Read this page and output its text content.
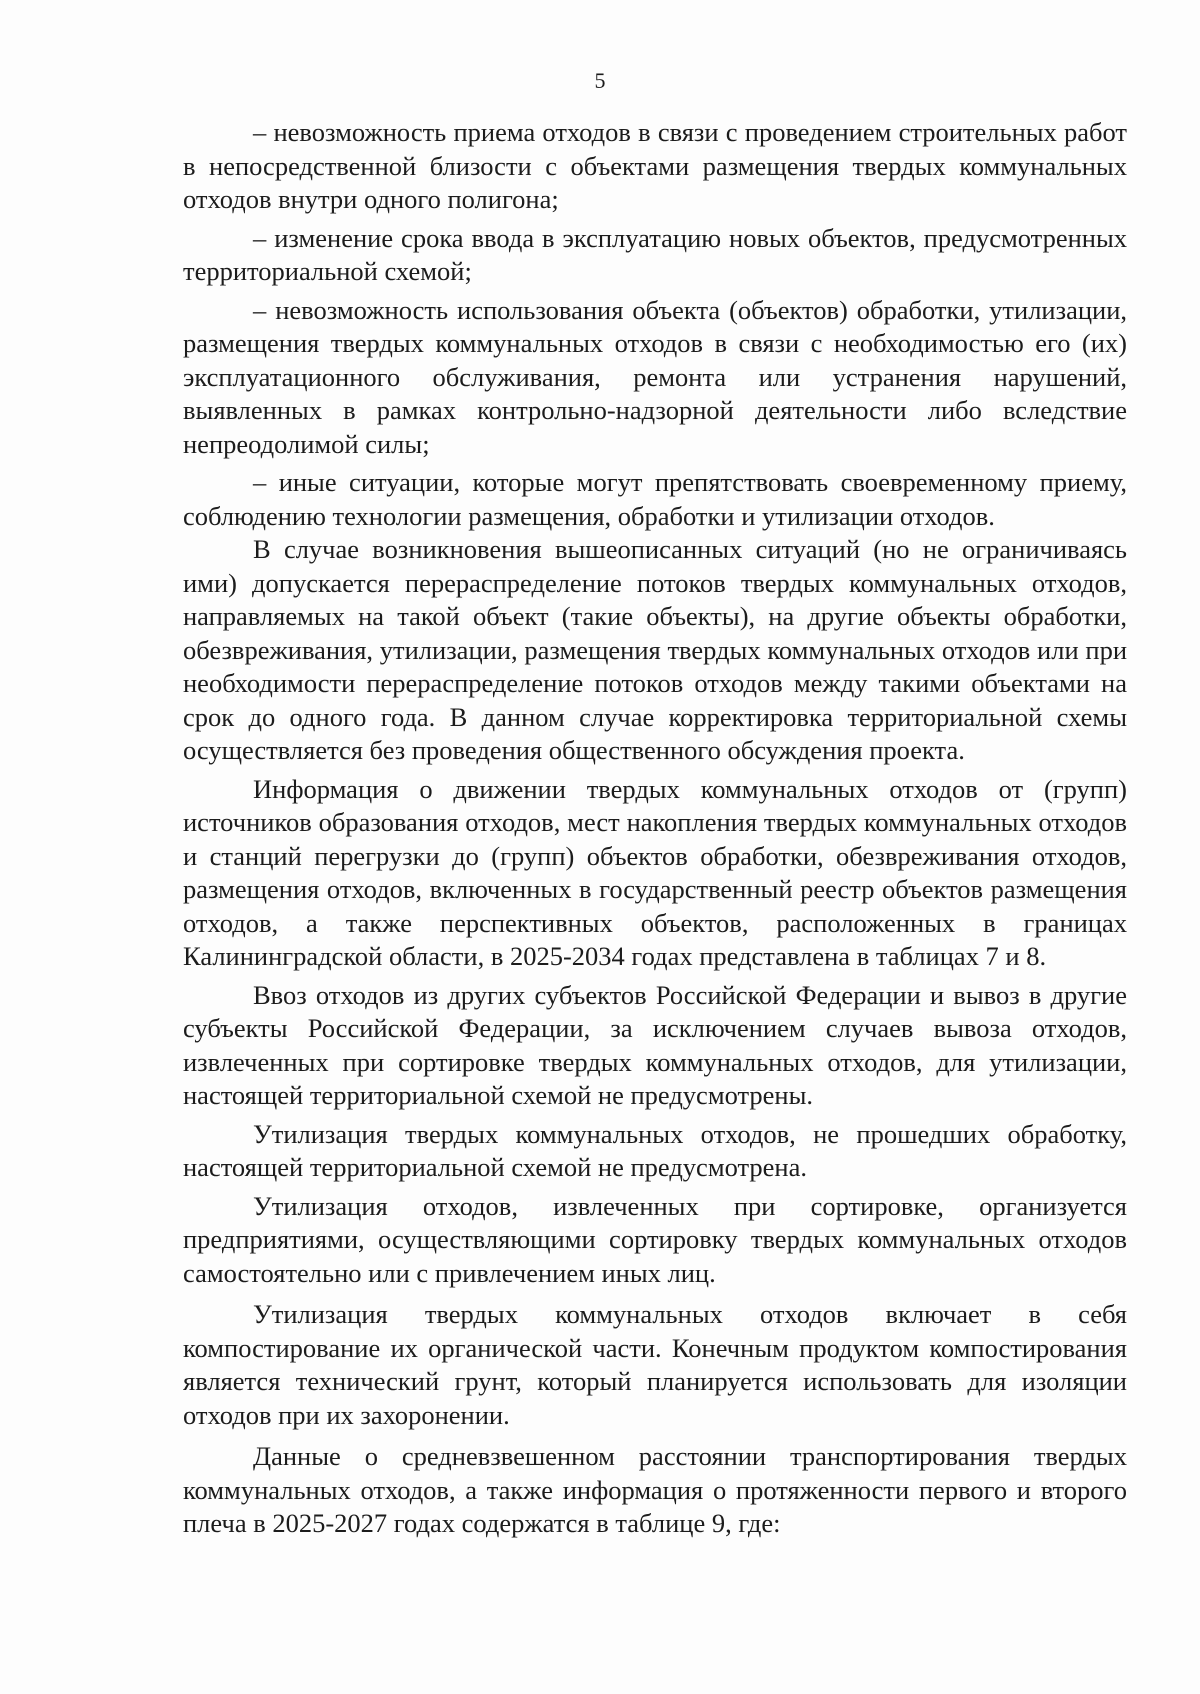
5

– невозможность приема отходов в связи с проведением строительных работ в непосредственной близости с объектами размещения твердых коммунальных отходов внутри одного полигона;

– изменение срока ввода в эксплуатацию новых объектов, предусмотренных территориальной схемой;

– невозможность использования объекта (объектов) обработки, утилизации, размещения твердых коммунальных отходов в связи с необходимостью его (их) эксплуатационного обслуживания, ремонта или устранения нарушений, выявленных в рамках контрольно-надзорной деятельности либо вследствие непреодолимой силы;

– иные ситуации, которые могут препятствовать своевременному приему, соблюдению технологии размещения, обработки и утилизации отходов.

В случае возникновения вышеописанных ситуаций (но не ограничиваясь ими) допускается перераспределение потоков твердых коммунальных отходов, направляемых на такой объект (такие объекты), на другие объекты обработки, обезвреживания, утилизации, размещения твердых коммунальных отходов или при необходимости перераспределение потоков отходов между такими объектами на срок до одного года. В данном случае корректировка территориальной схемы осуществляется без проведения общественного обсуждения проекта.

Информация о движении твердых коммунальных отходов от (групп) источников образования отходов, мест накопления твердых коммунальных отходов и станций перегрузки до (групп) объектов обработки, обезвреживания отходов, размещения отходов, включенных в государственный реестр объектов размещения отходов, а также перспективных объектов, расположенных в границах Калининградской области, в 2025-2034 годах представлена в таблицах 7 и 8.

Ввоз отходов из других субъектов Российской Федерации и вывоз в другие субъекты Российской Федерации, за исключением случаев вывоза отходов, извлеченных при сортировке твердых коммунальных отходов, для утилизации, настоящей территориальной схемой не предусмотрены.

Утилизация твердых коммунальных отходов, не прошедших обработку, настоящей территориальной схемой не предусмотрена.

Утилизация отходов, извлеченных при сортировке, организуется предприятиями, осуществляющими сортировку твердых коммунальных отходов самостоятельно или с привлечением иных лиц.

Утилизация твердых коммунальных отходов включает в себя компостирование их органической части. Конечным продуктом компостирования является технический грунт, который планируется использовать для изоляции отходов при их захоронении.

Данные о средневзвешенном расстоянии транспортирования твердых коммунальных отходов, а также информация о протяженности первого и второго плеча в 2025-2027 годах содержатся в таблице 9, где:
